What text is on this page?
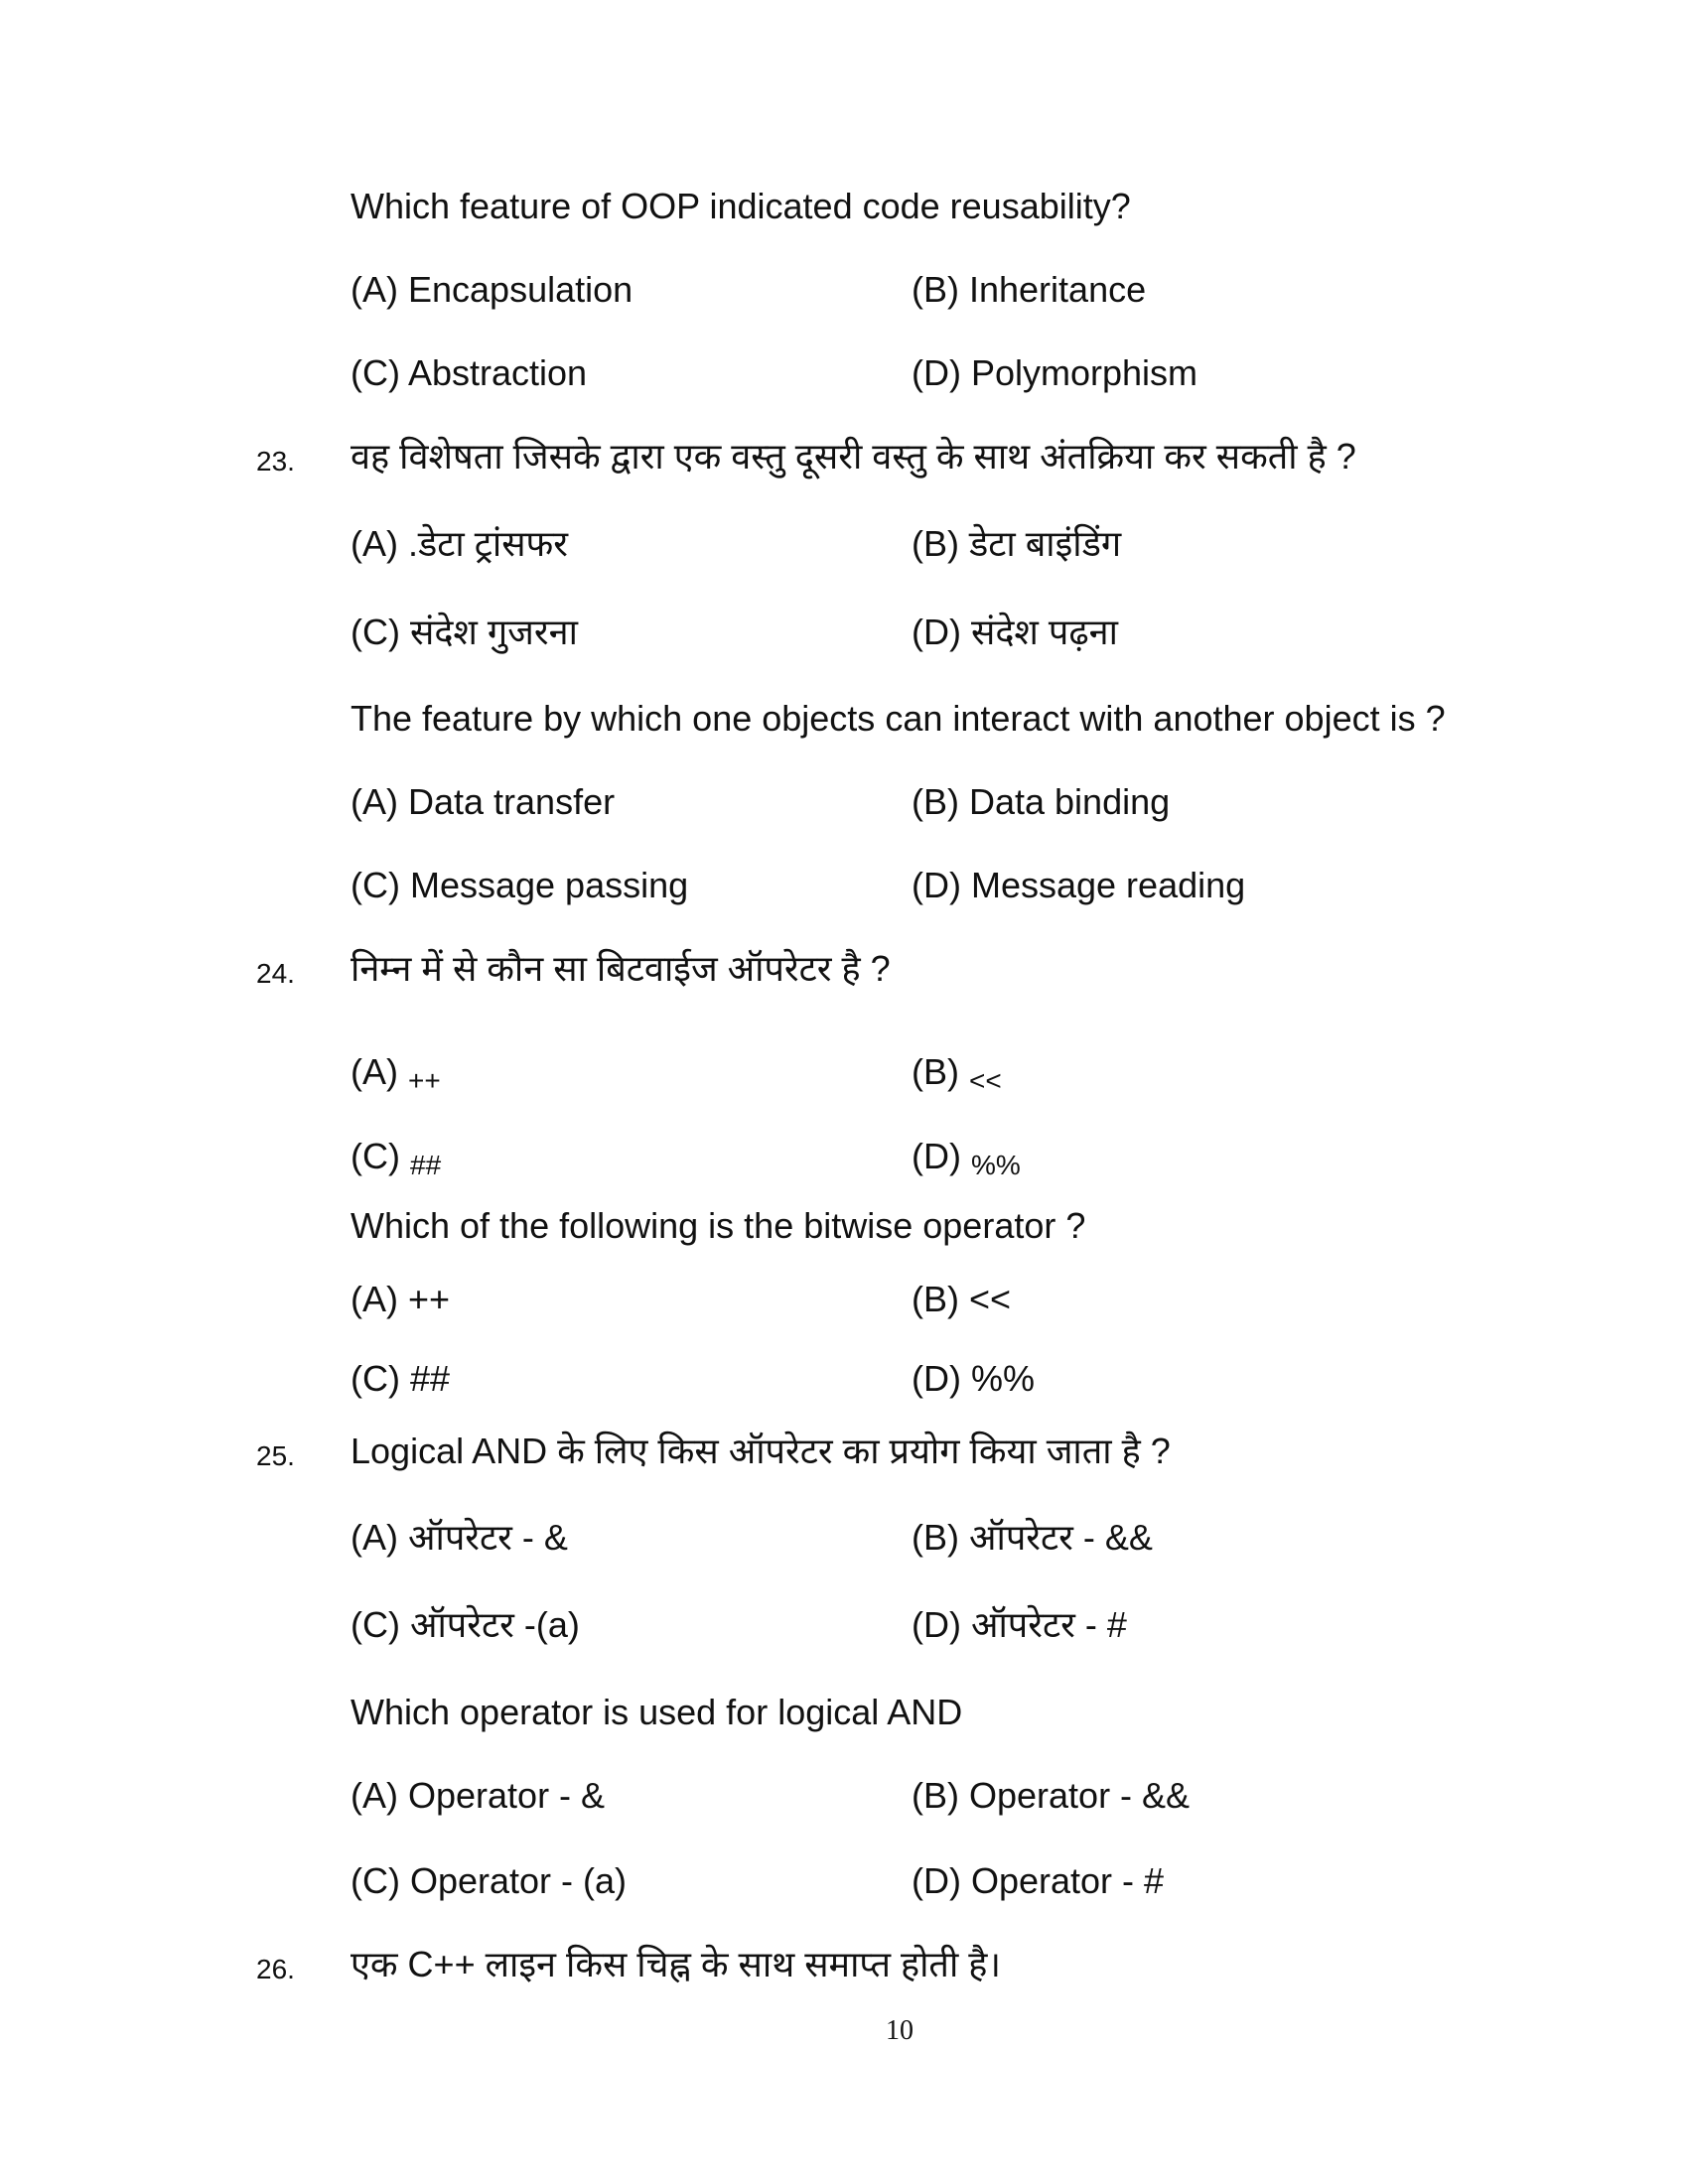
Which feature of OOP indicated code reusability?
(A) Encapsulation	(B) Inheritance
(C) Abstraction	(D) Polymorphism
23. वह विशेषता जिसके द्वारा एक वस्तु दूसरी वस्तु के साथ अंतक्रिया कर सकती है ?
(A) .डेटा ट्रांसफर	(B) डेटा बाइंडिंग
(C) संदेश गुजरना	(D) संदेश पढ़ना
The feature by which one objects can interact with another object is ?
(A) Data transfer	(B) Data binding
(C) Message passing	(D) Message reading
24. निम्न में से कौन सा बिटवाईज ऑपरेटर है ?
(A) ++	(B) <<
(C) ##	(D) %%
Which of the following is the bitwise operator ?
(A) ++	(B) <<
(C) ##	(D) %%
25. Logical AND के लिए किस ऑपरेटर का प्रयोग किया जाता है ?
(A) ऑपरेटर - &	(B) ऑपरेटर - &&
(C) ऑपरेटर -(a)	(D) ऑपरेटर - #
Which operator is used for logical AND
(A) Operator - &	(B) Operator - &&
(C) Operator - (a)	(D) Operator - #
26. एक C++ लाइन किस चिह्न के साथ समाप्त होती है।
10
